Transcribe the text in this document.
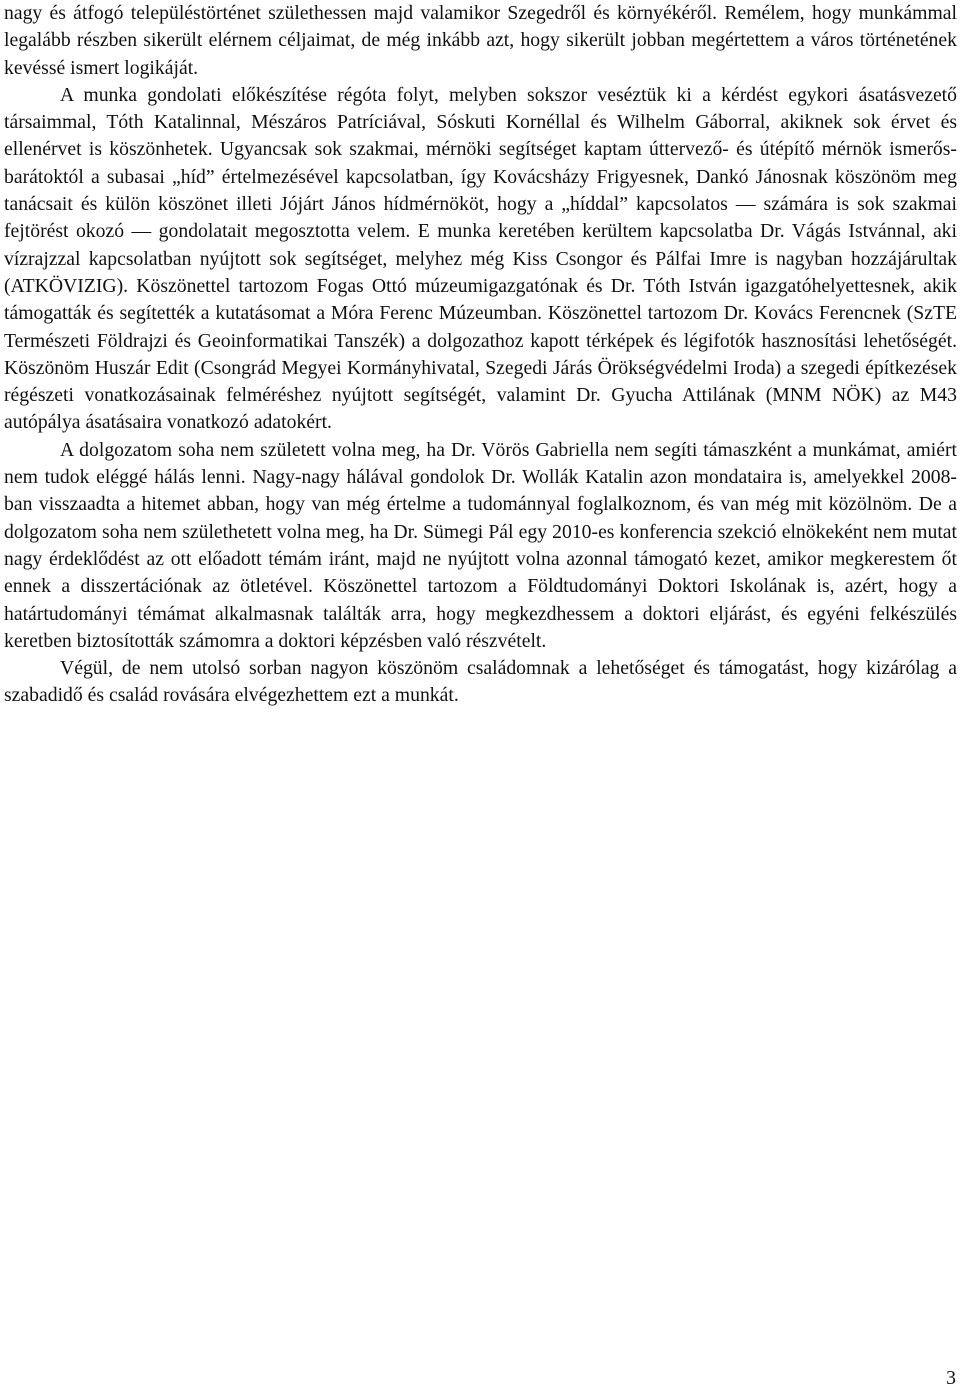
nagy és átfogó településtörténet születhessen majd valamikor Szegedről és környékéről. Remélem, hogy munkámmal legalább részben sikerült elérnem céljaimat, de még inkább azt, hogy sikerült jobban megértettem a város történetének kevéssé ismert logikáját.

A munka gondolati előkészítése régóta folyt, melyben sokszor veséztük ki a kérdést egykori ásatásvezető társaimmal, Tóth Katalinnal, Mészáros Patríciával, Sóskuti Kornéllal és Wilhelm Gáborral, akiknek sok érvet és ellenérvet is köszönhetek. Ugyancsak sok szakmai, mérnöki segítséget kaptam úttervező- és útépítő mérnök ismerős-barátoktól a subasai „híd” értelmezésével kapcsolatban, így Kovácsházy Frigyesnek, Dankó Jánosnak köszönöm meg tanácsait és külön köszönet illeti Jójárt János hídmérnököt, hogy a „híddal” kapcsolatos — számára is sok szakmai fejtörést okozó — gondolatait megosztotta velem. E munka keretében kerültem kapcsolatba Dr. Vágás Istvánnal, aki vízrajzzal kapcsolatban nyújtott sok segítséget, melyhez még Kiss Csongor és Pálfai Imre is nagyban hozzájárultak (ATKÖVIZIG). Köszönettel tartozom Fogas Ottó múzeumigazgatónak és Dr. Tóth István igazgatóhelyettesnek, akik támogatták és segítették a kutatásomat a Móra Ferenc Múzeumban. Köszönettel tartozom Dr. Kovács Ferencnek (SzTE Természeti Földrajzi és Geoinformatikai Tanszék) a dolgozathoz kapott térképek és légifotók hasznosítási lehetőségét. Köszönöm Huszár Edit (Csongrád Megyei Kormányhivatal, Szegedi Járás Örökségvédelmi Iroda) a szegedi építkezések régészeti vonatkozásainak felméréshez nyújtott segítségét, valamint Dr. Gyucha Attilának (MNM NÖK) az M43 autópálya ásatásaira vonatkozó adatokért.

A dolgozatom soha nem született volna meg, ha Dr. Vörös Gabriella nem segíti támaszként a munkámat, amiért nem tudok eléggé hálás lenni. Nagy-nagy hálával gondolok Dr. Wollák Katalin azon mondataira is, amelyekkel 2008-ban visszaadta a hitemet abban, hogy van még értelme a tudománnyal foglalkoznom, és van még mit közölnöm. De a dolgozatom soha nem születhetett volna meg, ha Dr. Sümegi Pál egy 2010-es konferencia szekció elnökeként nem mutat nagy érdeklődést az ott előadott témám iránt, majd ne nyújtott volna azonnal támogató kezet, amikor megkerestem őt ennek a disszertációnak az ötletével. Köszönettel tartozom a Földtudományi Doktori Iskolának is, azért, hogy a határtudományi témámat alkalmasnak találták arra, hogy megkezdhessem a doktori eljárást, és egyéni felkészülés keretben biztosították számomra a doktori képzésben való részvételt.

Végül, de nem utolsó sorban nagyon köszönöm családomnak a lehetőséget és támogatást, hogy kizárólag a szabadidő és család rovására elvégezhettem ezt a munkát.

3
